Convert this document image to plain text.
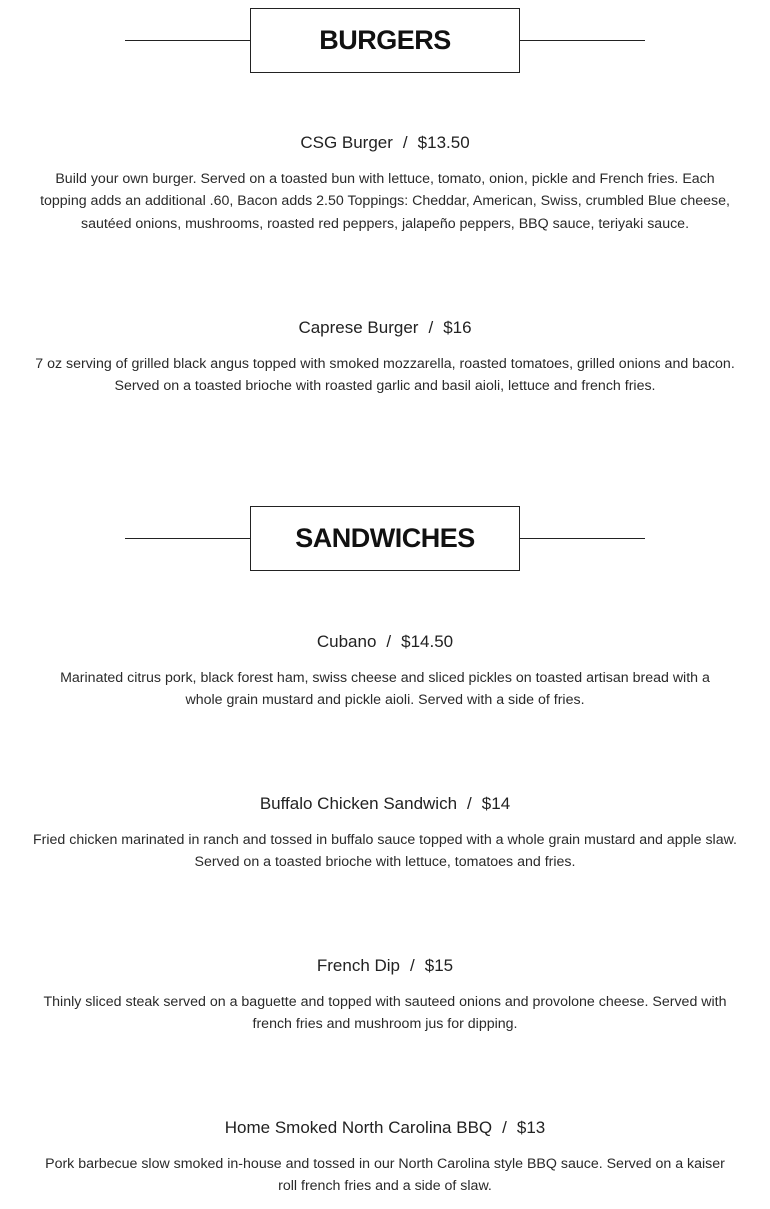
BURGERS
CSG Burger / $13.50
Build your own burger. Served on a toasted bun with lettuce, tomato, onion, pickle and French fries. Each topping adds an additional .60, Bacon adds 2.50 Toppings: Cheddar, American, Swiss, crumbled Blue cheese, sautéed onions, mushrooms, roasted red peppers, jalapeño peppers, BBQ sauce, teriyaki sauce.
Caprese Burger / $16
7 oz serving of grilled black angus topped with smoked mozzarella, roasted tomatoes, grilled onions and bacon. Served on a toasted brioche with roasted garlic and basil aioli, lettuce and french fries.
SANDWICHES
Cubano / $14.50
Marinated citrus pork, black forest ham, swiss cheese and sliced pickles on toasted artisan bread with a whole grain mustard and pickle aioli. Served with a side of fries.
Buffalo Chicken Sandwich / $14
Fried chicken marinated in ranch and tossed in buffalo sauce topped with a whole grain mustard and apple slaw. Served on a toasted brioche with lettuce, tomatoes and fries.
French Dip / $15
Thinly sliced steak served on a baguette and topped with sauteed onions and provolone cheese. Served with french fries and mushroom jus for dipping.
Home Smoked North Carolina BBQ / $13
Pork barbecue slow smoked in-house and tossed in our North Carolina style BBQ sauce. Served on a kaiser roll french fries and a side of slaw.
